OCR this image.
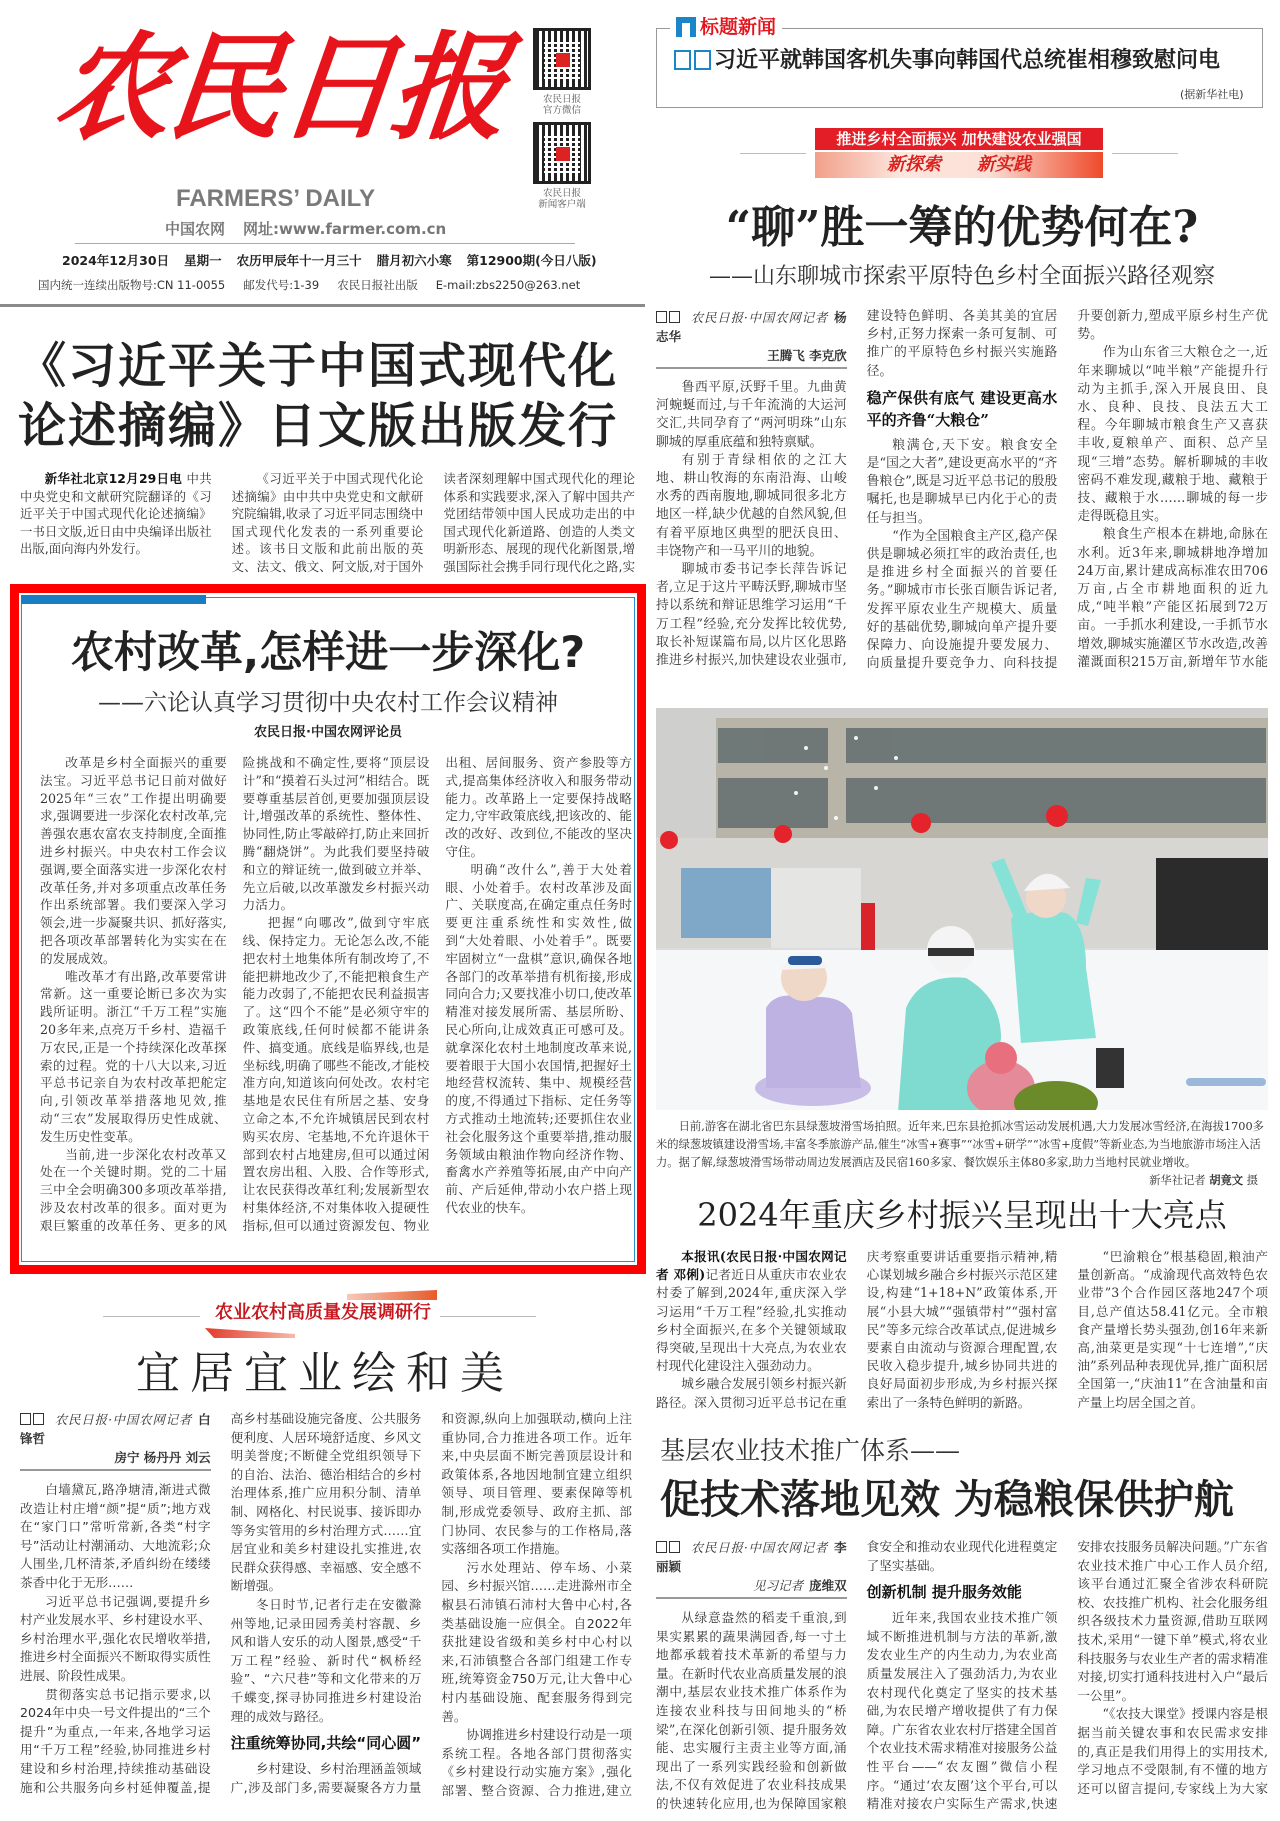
农民日报
FARMERS’ DAILY
中国农网 网址:www.farmer.com.cn
2024年12月30日 星期一 农历甲辰年十一月三十 腊月初六小寒 第12900期(今日八版)
国内统一连续出版物号:CN 11-0055 邮发代号:1-39 农民日报社出版 E-mail:zbs2250@263.net
农民日报
官方微信
农民日报
新闻客户端
标题新闻
习近平就韩国客机失事向韩国代总统崔相穆致慰问电
(据新华社电)
推进乡村全面振兴 加快建设农业强国
新探索 新实践
“聊”胜一筹的优势何在?
——山东聊城市探索平原特色乡村全面振兴路径观察
农民日报·中国农网记者 杨志华
王腾飞 李克欣

鲁西平原,沃野千里。九曲黄河蜿蜒而过,与千年流淌的大运河交汇,共同孕育了“两河明珠”山东聊城的厚重底蕴和独特禀赋。

有别于青绿相依的之江大地、耕山牧海的东南沿海、山峻水秀的西南腹地,聊城同很多北方地区一样,缺少优越的自然风貌,但有着平原地区典型的肥沃良田、丰饶物产和一马平川的地貌。

聊城市委书记李长萍告诉记者,立足于这片平畴沃野,聊城市坚持以系统和辩证思维学习运用“千万工程”经验,充分发挥比较优势,取长补短谋篇布局,以片区化思路推进乡村振兴,加快建设农业强市,建设特色鲜明、各美其美的宜居乡村,正努力探索一条可复制、可推广的平原特色乡村振兴实施路径。

稳产保供有底气 建设更高水平的齐鲁“大粮仓”

粮满仓,天下安。粮食安全是“国之大者”,建设更高水平的“齐鲁粮仓”,既是习近平总书记的殷殷嘱托,也是聊城早已内化于心的责任与担当。

“作为全国粮食主产区,稳产保供是聊城必须扛牢的政治责任,也是推进乡村全面振兴的首要任务。”聊城市市长张百顺告诉记者,发挥平原农业生产规模大、质量好的基础优势,聊城向单产提升要保障力、向设施提升要发展力、向质量提升要竞争力、向科技提升要创新力,塑成平原乡村生产优势。

作为山东省三大粮仓之一,近年来聊城以“吨半粮”产能提升行动为主抓手,深入开展良田、良水、良种、良技、良法五大工程。今年聊城市粮食生产又喜获丰收,夏粮单产、面积、总产呈现“三增”态势。解析聊城的丰收密码不难发现,藏粮于地、藏粮于技、藏粮于水……聊城的每一步走得既稳且实。

粮食生产根本在耕地,命脉在水利。近3年来,聊城耕地净增加24万亩,累计建成高标准农田706万亩,占全市耕地面积的近九成,“吨半粮”产能区拓展到72万亩。一手抓水利建设,一手抓节水增效,聊城实施灌区节水改造,改善灌溉面积215万亩,新增年节水能

《习近平关于中国式现代化
论述摘编》日文版出版发行

新华社北京12月29日电 中共中央党史和文献研究院翻译的《习近平关于中国式现代化论述摘编》一书日文版,近日由中央编译出版社出版,面向海内外发行。

《习近平关于中国式现代化论述摘编》由中共中央党史和文献研究院编辑,收录了习近平同志围绕中国式现代化发表的一系列重要论述。该书日文版和此前出版的英文、法文、俄文、阿文版,对于国外读者深刻理解中国式现代化的理论体系和实践要求,深入了解中国共产党团结带领中国人民成功走出的中国式现代化新道路、创造的人类文明新形态、展现的现代化新图景,增强国际社会携手同行现代化之路,实

农村改革,怎样进一步深化?
——六论认真学习贯彻中央农村工作会议精神
农民日报·中国农网评论员

改革是乡村全面振兴的重要法宝。习近平总书记日前对做好2025年“三农”工作提出明确要求,强调要进一步深化农村改革,完善强农惠农富农支持制度,全面推进乡村振兴。中央农村工作会议强调,要全面落实进一步深化农村改革任务,并对多项重点改革任务作出系统部署。我们要深入学习领会,进一步凝聚共识、抓好落实,把各项改革部署转化为实实在在的发展成效。

唯改革才有出路,改革要常讲常新。这一重要论断已多次为实践所证明。浙江“千万工程”实施20多年来,点亮万千乡村、造福千万农民,正是一个持续深化改革探索的过程。党的十八大以来,习近平总书记亲自为农村改革把舵定向,引领改革举措落地见效,推动“三农”发展取得历史性成就、发生历史性变革。

当前,进一步深化农村改革又处在一个关键时期。党的二十届三中全会明确300多项改革举措,涉及农村改革的很多。面对更为艰巨繁重的改革任务、更多的风险挑战和不确定性,要将“顶层设计”和“摸着石头过河”相结合。既要尊重基层首创,更要加强顶层设计,增强改革的系统性、整体性、协同性,防止零敲碎打,防止来回折腾“翻烧饼”。为此我们要坚持破和立的辩证统一,做到破立并举、先立后破,以改革激发乡村振兴动力活力。

把握“向哪改”,做到守牢底线、保持定力。无论怎么改,不能把农村土地集体所有制改垮了,不能把耕地改少了,不能把粮食生产能力改弱了,不能把农民利益损害了。这“四个不能”是必须守牢的政策底线,任何时候都不能讲条件、搞变通。底线是临界线,也是坐标线,明确了哪些不能改,才能校准方向,知道该向何处改。农村宅基地是农民住有所居之基、安身立命之本,不允许城镇居民到农村购买农房、宅基地,不允许退休干部到农村占地建房,但可以通过闲置农房出租、入股、合作等形式,让农民获得改革红利;发展新型农村集体经济,不对集体收入提硬性指标,但可以通过资源发包、物业出租、居间服务、资产参股等方式,提高集体经济收入和服务带动能力。改革路上一定要保持战略定力,守牢政策底线,把该改的、能改的改好、改到位,不能改的坚决守住。

明确“改什么”,善于大处着眼、小处着手。农村改革涉及面广、关联度高,在确定重点任务时要更注重系统性和实效性,做到“大处着眼、小处着手”。既要牢固树立“一盘棋”意识,确保各地各部门的改革举措有机衔接,形成同向合力;又要找准小切口,使改革精准对接发展所需、基层所盼、民心所向,让成效真正可感可及。就拿深化农村土地制度改革来说,要着眼于大国小农国情,把握好土地经营权流转、集中、规模经营的度,不得通过下指标、定任务等方式推动土地流转;还要抓住农业社会化服务这个重要举措,推动服务领域由粮油作物向经济作物、畜禽水产养殖等拓展,由产中向产前、产后延伸,带动小农户搭上现代农业的快车。

农业农村高质量发展调研行
宜居宜业绘和美
农民日报·中国农网记者 白锋哲
房宁 杨丹丹 刘云

白墙黛瓦,路净塘清,渐进式微改造让村庄增“颜”提“质”;地方戏在“家门口”常听常新,各类“村字号”活动让村潮涌动、大地流彩;众人围坐,几杯清茶,矛盾纠纷在缕缕茶香中化于无形……

习近平总书记强调,要提升乡村产业发展水平、乡村建设水平、乡村治理水平,强化农民增收举措,推进乡村全面振兴不断取得实质性进展、阶段性成果。

贯彻落实总书记指示要求,以2024年中央一号文件提出的“三个提升”为重点,一年来,各地学习运用“千万工程”经验,协同推进乡村建设和乡村治理,持续推动基础设施和公共服务向乡村延伸覆盖,提高乡村基础设施完备度、公共服务便利度、人居环境舒适度、乡风文明美誉度;不断健全党组织领导下的自治、法治、德治相结合的乡村治理体系,推广应用积分制、清单制、网格化、村民说事、接诉即办等务实管用的乡村治理方式……宜居宜业和美乡村建设扎实推进,农民群众获得感、幸福感、安全感不断增强。

冬日时节,记者行走在安徽滁州等地,记录田园秀美村容靓、乡风和谐人安乐的动人图景,感受“千万工程”经验、新时代“枫桥经验”、“六尺巷”等和文化带来的万千蝶变,探寻协同推进乡村建设治理的成效与路径。

注重统筹协同,共绘“同心圆”

乡村建设、乡村治理涵盖领域广,涉及部门多,需要凝聚各方力量和资源,纵向上加强联动,横向上注重协同,合力推进各项工作。近年来,中央层面不断完善顶层设计和政策体系,各地因地制宜建立组织领导、项目管理、要素保障等机制,形成党委领导、政府主抓、部门协同、农民参与的工作格局,落实落细各项工作措施。

污水处理站、停车场、小菜园、乡村振兴馆……走进滁州市全椒县石沛镇石沛村大鲁中心村,各类基础设施一应俱全。自2022年获批建设省级和美乡村中心村以来,石沛镇整合各部门组建工作专班,统筹资金750万元,让大鲁中心村内基础设施、配套服务得到完善。

协调推进乡村建设行动是一项系统工程。各地各部门贯彻落实《乡村建设行动实施方案》,强化部署、整合资源、合力推进,建立

日前,游客在湖北省巴东县绿葱坡滑雪场拍照。近年来,巴东县抢抓冰雪运动发展机遇,大力发展冰雪经济,在海拔1700多米的绿葱坡镇建设滑雪场,丰富冬季旅游产品,催生“冰雪+赛事”“冰雪+研学”“冰雪+度假”等新业态,为当地旅游市场注入活力。据了解,绿葱坡滑雪场带动周边发展酒店及民宿160多家、餐饮娱乐主体80多家,助力当地村民就业增收。
新华社记者 胡竟文 摄
2024年重庆乡村振兴呈现出十大亮点

本报讯(农民日报·中国农网记者 邓俐)记者近日从重庆市农业农村委了解到,2024年,重庆深入学习运用“千万工程”经验,扎实推动乡村全面振兴,在多个关键领域取得突破,呈现出十大亮点,为农业农村现代化建设注入强劲动力。

城乡融合发展引领乡村振兴新路径。深入贯彻习近平总书记在重庆考察重要讲话重要指示精神,精心谋划城乡融合乡村振兴示范区建设,构建“1+18+N”政策体系,开展“小县大城”“强镇带村”“强村富民”等多元综合改革试点,促进城乡要素自由流动与资源合理配置,农民收入稳步提升,城乡协同共进的良好局面初步形成,为乡村振兴探索出了一条特色鲜明的新路。

“巴渝粮仓”根基稳固,粮油产量创新高。“成渝现代高效特色农业带”3个合作园区落地247个项目,总产值达58.41亿元。全市粮食产量增长势头强劲,创16年来新高,油菜更是实现“十七连增”,“庆油”系列品种表现优异,推广面积居全国第一,“庆油11”在含油量和亩产量上均居全国之首。

基层农业技术推广体系——
促技术落地见效 为稳粮保供护航
农民日报·中国农网记者 李丽颖
见习记者 庞维双

从绿意盎然的稻麦千重浪,到果实累累的蔬果满园香,每一寸土地都承载着技术革新的希望与力量。在新时代农业高质量发展的浪潮中,基层农业技术推广体系作为连接农业科技与田间地头的“桥梁”,在深化创新引领、提升服务效能、忠实履行主责主业等方面,涌现出了一系列实践经验和创新做法,不仅有效促进了农业科技成果的快速转化应用,也为保障国家粮食安全和推动农业现代化进程奠定了坚实基础。

创新机制 提升服务效能

近年来,我国农业技术推广领域不断推进机制与方法的革新,激发农业生产的内生动力,为农业高质量发展注入了强劲活力,为农业农村现代化奠定了坚实的技术基础,为农民增产增收提供了有力保障。广东省农业农村厅搭建全国首个农业技术需求精准对接服务公益性平台——“农友圈”微信小程序。“通过‘农友圈’这个平台,可以精准对接农户实际生产需求,快速安排农技服务员解决问题。”广东省农业技术推广中心工作人员介绍,该平台通过汇聚全省涉农科研院校、农技推广机构、社会化服务组织各级技术力量资源,借助互联网技术,采用“一键下单”模式,将农业科技服务与农业生产者的需求精准对接,切实打通科技进村入户“最后一公里”。

“《农技大课堂》授课内容是根据当前关键农事和农民需求安排的,真正是我们用得上的实用技术,学习地点不受限制,有不懂的地方还可以留言提问,专家线上为大家
